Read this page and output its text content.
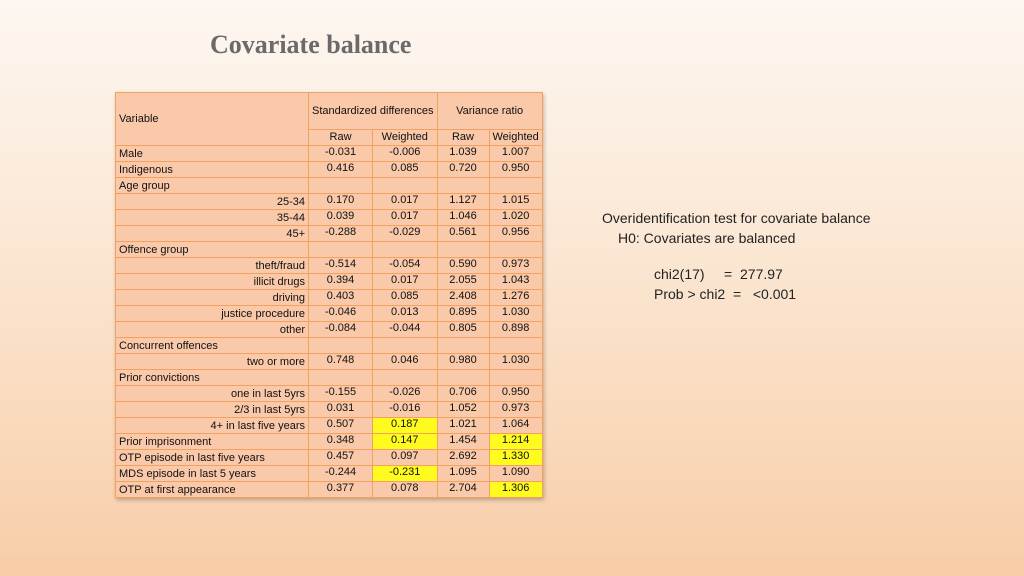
Covariate balance
Variable	Standardized differences		Variance ratio	
	Raw	Weighted	Raw	Weighted
Male	-0.031	-0.006	1.039	1.007
Indigenous	0.416	0.085	0.720	0.950
Age group				
25-34	0.170	0.017	1.127	1.015
35-44	0.039	0.017	1.046	1.020
45+	-0.288	-0.029	0.561	0.956
Offence group				
theft/fraud	-0.514	-0.054	0.590	0.973
illicit drugs	0.394	0.017	2.055	1.043
driving	0.403	0.085	2.408	1.276
justice procedure	-0.046	0.013	0.895	1.030
other	-0.084	-0.044	0.805	0.898
Concurrent offences				
two or more	0.748	0.046	0.980	1.030
Prior convictions				
one in last 5yrs	-0.155	-0.026	0.706	0.950
2/3 in last 5yrs	0.031	-0.016	1.052	0.973
4+ in last five years	0.507	0.187	1.021	1.064
Prior imprisonment	0.348	0.147	1.454	1.214
OTP episode in last five years	0.457	0.097	2.692	1.330
MDS episode in last 5 years	-0.244	-0.231	1.095	1.090
OTP at first appearance	0.377	0.078	2.704	1.306
Overidentification test for covariate balance
H0: Covariates are balanced
chi2(17) = 277.97
Prob > chi2 = <0.001
